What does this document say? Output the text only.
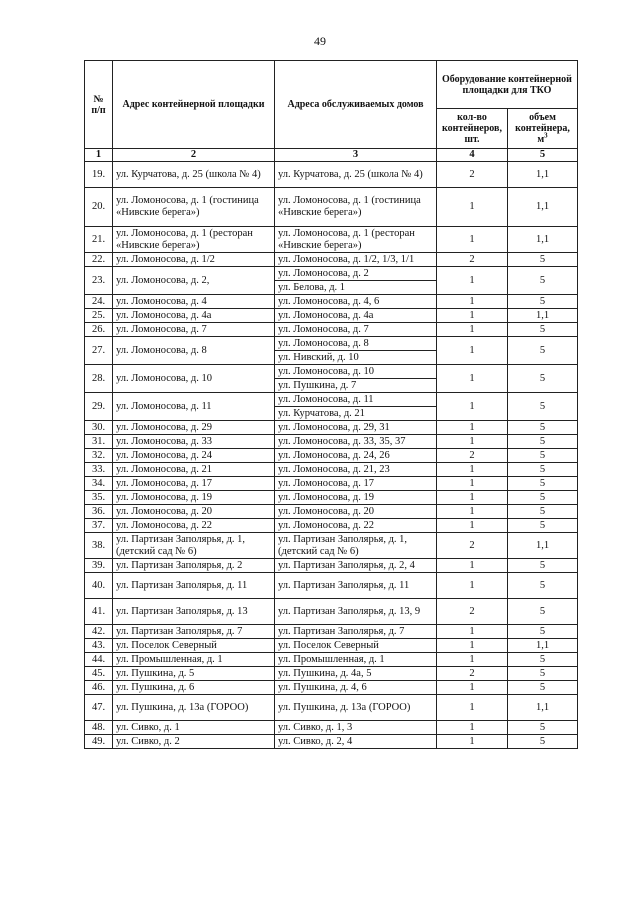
49
№ п/п	Адрес контейнерной площадки	Адреса обслуживаемых домов	Оборудование контейнерной площадки для ТКО	
			кол-во контейнеров, шт.	объем контейнера, $м^3$
1	2	3	4	5
19.	ул. Курчатова, д. 25 (школа № 4)	ул. Курчатова, д. 25 (школа № 4)	2	1,1
20.	ул. Ломоносова, д. 1 (гостиница «Нивские берега»)	ул. Ломоносова, д. 1 (гостиница «Нивские берега»)	1	1,1
21.	ул. Ломоносова, д. 1 (ресторан «Нивские берега»)	ул. Ломоносова, д. 1 (ресторан «Нивские берега»)	1	1,1
22.	ул. Ломоносова, д. 1/2	ул. Ломоносова, д. 1/2, 1/3, 1/1	2	5
23.	ул. Ломоносова, д. 2,	ул. Ломоносова, д. 2	1	5
		ул. Белова, д. 1		
24.	ул. Ломоносова, д. 4	ул. Ломоносова, д. 4, 6	1	5
25.	ул. Ломоносова, д. 4а	ул. Ломоносова, д. 4а	1	1,1
26.	ул. Ломоносова, д. 7	ул. Ломоносова, д. 7	1	5
27.	ул. Ломоносова, д. 8	ул. Ломоносова, д. 8	1	5
		ул. Нивский, д. 10		
28.	ул. Ломоносова, д. 10	ул. Ломоносова, д. 10	1	5
		ул. Пушкина, д. 7		
29.	ул. Ломоносова, д. 11	ул. Ломоносова, д. 11	1	5
		ул. Курчатова, д. 21		
30.	ул. Ломоносова, д. 29	ул. Ломоносова, д. 29, 31	1	5
31.	ул. Ломоносова, д. 33	ул. Ломоносова, д. 33, 35, 37	1	5
32.	ул. Ломоносова, д. 24	ул. Ломоносова, д. 24, 26	2	5
33.	ул. Ломоносова, д. 21	ул. Ломоносова, д. 21, 23	1	5
34.	ул. Ломоносова, д. 17	ул. Ломоносова, д. 17	1	5
35.	ул. Ломоносова, д. 19	ул. Ломоносова, д. 19	1	5
36.	ул. Ломоносова, д. 20	ул. Ломоносова, д. 20	1	5
37.	ул. Ломоносова, д. 22	ул. Ломоносова, д. 22	1	5
38.	ул. Партизан Заполярья, д. 1, (детский сад № 6)	ул. Партизан Заполярья, д. 1, (детский сад № 6)	2	1,1
39.	ул. Партизан Заполярья, д. 2	ул. Партизан Заполярья, д. 2, 4	1	5
40.	ул. Партизан Заполярья, д. 11	ул. Партизан Заполярья, д. 11	1	5
41.	ул. Партизан Заполярья, д. 13	ул. Партизан Заполярья, д. 13, 9	2	5
42.	ул. Партизан Заполярья, д. 7	ул. Партизан Заполярья, д. 7	1	5
43.	ул. Поселок Северный	ул. Поселок Северный	1	1,1
44.	ул. Промышленная, д. 1	ул. Промышленная, д. 1	1	5
45.	ул. Пушкина, д. 5	ул. Пушкина, д. 4а, 5	2	5
46.	ул. Пушкина, д. 6	ул. Пушкина, д. 4, 6	1	5
47.	ул. Пушкина, д. 13а (ГОРОО)	ул. Пушкина, д. 13а (ГОРОО)	1	1,1
48.	ул. Сивко, д. 1	ул. Сивко, д. 1, 3	1	5
49.	ул. Сивко, д. 2	ул. Сивко, д. 2, 4	1	5
